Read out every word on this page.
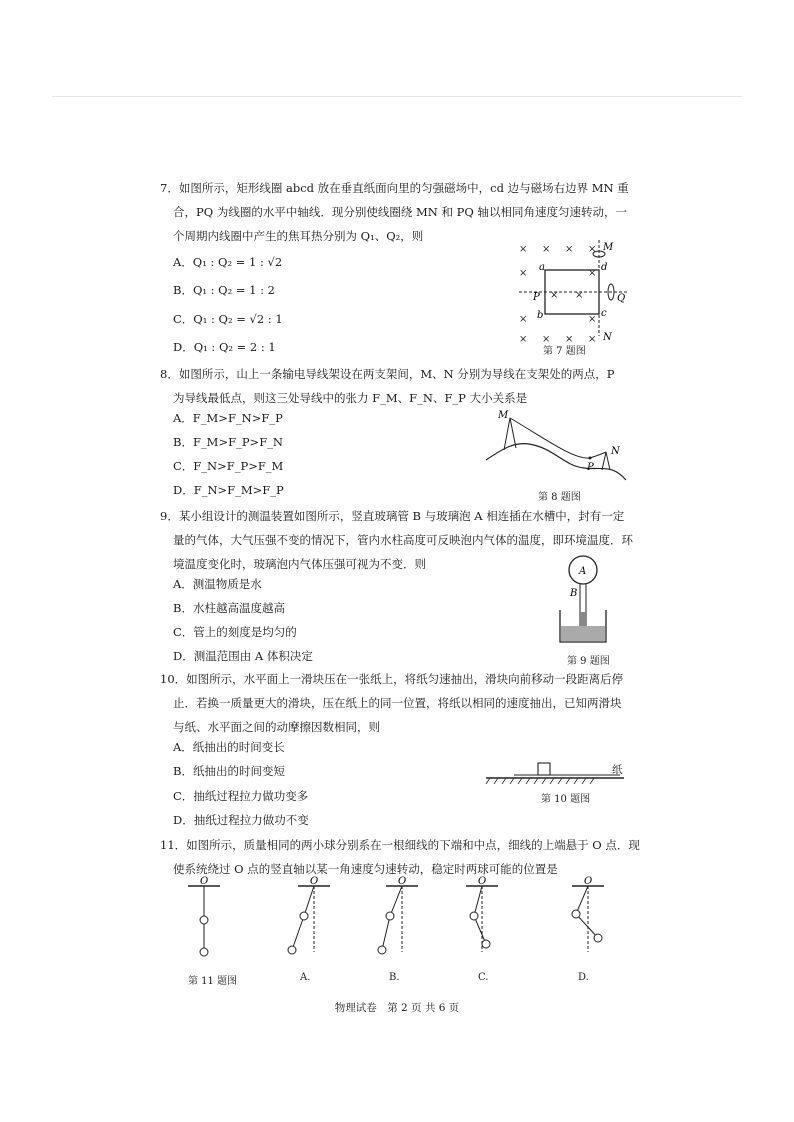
7．如图所示，矩形线圈 abcd 放在垂直纸面向里的匀强磁场中，cd 边与磁场右边界 MN 重

合，PQ 为线圈的水平中轴线．现分别使线圈绕 MN 和 PQ 轴以相同角速度匀速转动，一

个周期内线圈中产生的焦耳热分别为 Q₁、Q₂，则

A．Q₁ : Q₂ = 1 : √2
B．Q₁ : Q₂ = 1 : 2
C．Q₁ : Q₂ = √2 : 1
D．Q₁ : Q₂ = 2 : 1
× × × ×
×	×
×	×
× × × ×
× ×
M
N
P	Q
a
b	c
d
第 7 题图

8．如图所示，山上一条输电导线架设在两支架间，M、N 分别为导线在支架处的两点，P

为导线最低点，则这三处导线中的张力 F_M、F_N、F_P 大小关系是

A．F_M>F_N>F_P
B．F_M>F_P>F_N
C．F_N>F_P>F_M
D．F_N>F_M>F_P
M
N
P
第 8 题图

9．某小组设计的测温装置如图所示，竖直玻璃管 B 与玻璃泡 A 相连插在水槽中，封有一定

量的气体，大气压强不变的情况下，管内水柱高度可反映泡内气体的温度，即环境温度．环

境温度变化时，玻璃泡内气体压强可视为不变．则

A．测温物质是水
B．水柱越高温度越高
C．管上的刻度是均匀的
D．测温范围由 A 体积决定
A
B
第 9 题图

10．如图所示，水平面上一滑块压在一张纸上，将纸匀速抽出，滑块向前移动一段距离后停

止．若换一质量更大的滑块，压在纸上的同一位置，将纸以相同的速度抽出，已知两滑块

与纸、水平面之间的动摩擦因数相同，则

A．纸抽出的时间变长
B．纸抽出的时间变短
C．抽纸过程拉力做功变多
D．抽纸过程拉力做功不变
纸
第 10 题图

11．如图所示，质量相同的两小球分别系在一根细线的下端和中点，细线的上端悬于 O 点．现

使系统绕过 O 点的竖直轴以某一角速度匀速转动，稳定时两球可能的位置是

O	O	O	O	O
第 11 题图	A.	B.	C.	D.
物理试卷　第 2 页 共 6 页
